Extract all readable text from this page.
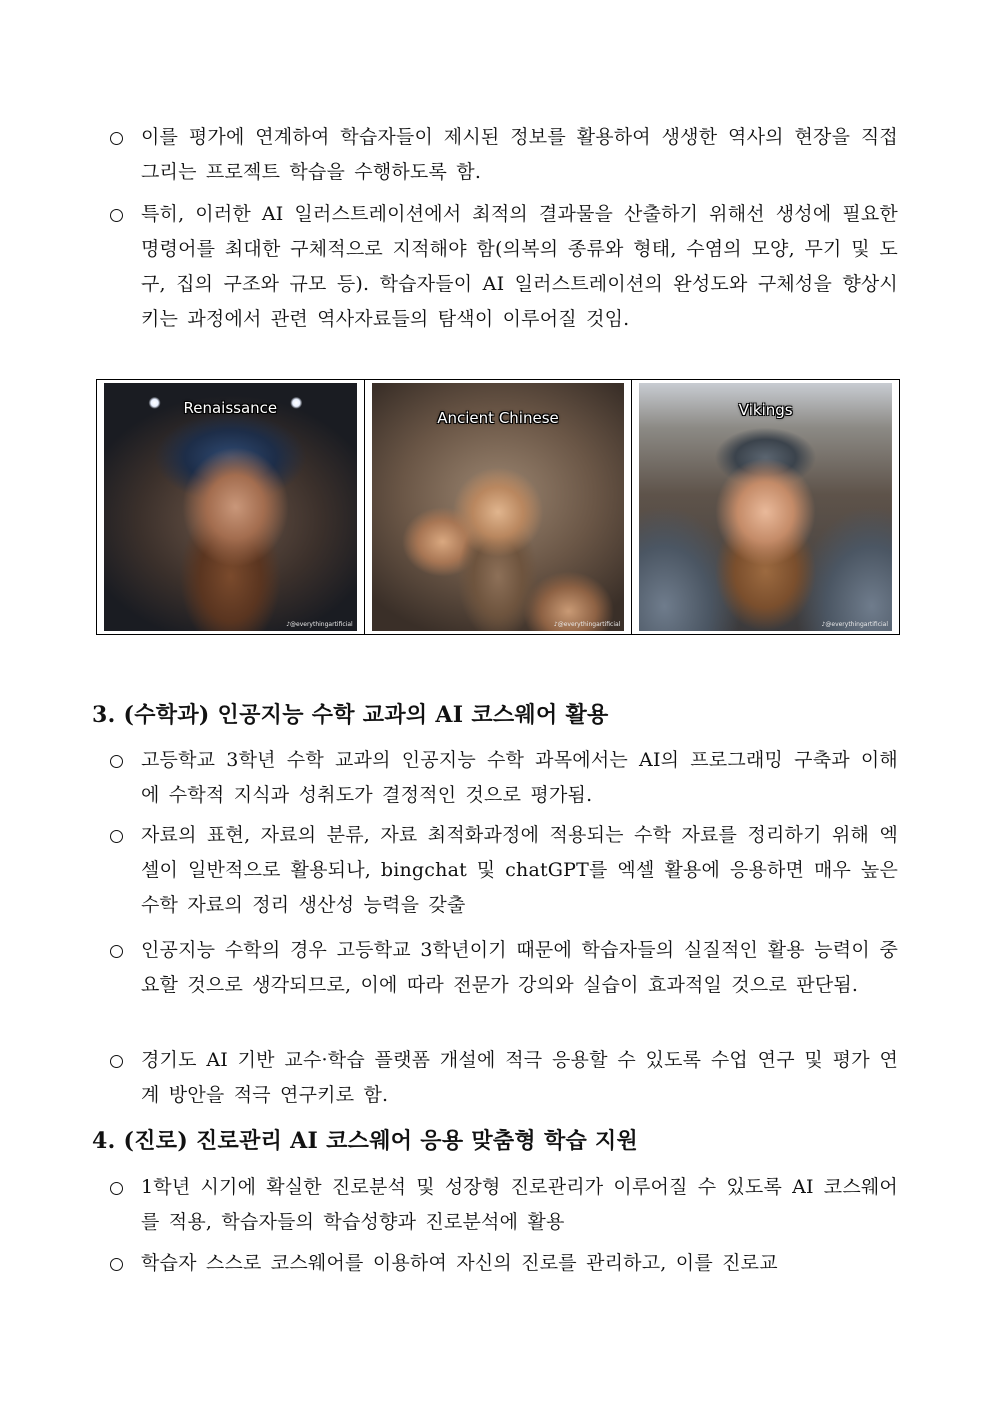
이를 평가에 연계하여 학습자들이 제시된 정보를 활용하여 생생한 역사의 현장을 직접 그리는 프로젝트 학습을 수행하도록 함.
특히, 이러한 AI 일러스트레이션에서 최적의 결과물을 산출하기 위해선 생성에 필요한 명령어를 최대한 구체적으로 지적해야 함(의복의 종류와 형태, 수염의 모양, 무기 및 도구, 집의 구조와 규모 등). 학습자들이 AI 일러스트레이션의 완성도와 구체성을 향상시키는 과정에서 관련 역사자료들의 탐색이 이루어질 것임.
Renaissance
♪@everythingartificial
Ancient Chinese
♪@everythingartificial
Vikings
♪@everythingartificial
3. (수학과) 인공지능 수학 교과의 AI 코스웨어 활용
고등학교 3학년 수학 교과의 인공지능 수학 과목에서는 AI의 프로그래밍 구축과 이해에 수학적 지식과 성취도가 결정적인 것으로 평가됨.
자료의 표현, 자료의 분류, 자료 최적화과정에 적용되는 수학 자료를 정리하기 위해 엑셀이 일반적으로 활용되나, bingchat 및 chatGPT를 엑셀 활용에 응용하면 매우 높은 수학 자료의 정리 생산성 능력을 갖출
인공지능 수학의 경우 고등학교 3학년이기 때문에 학습자들의 실질적인 활용 능력이 중요할 것으로 생각되므로, 이에 따라 전문가 강의와 실습이 효과적일 것으로 판단됨.
경기도 AI 기반 교수·학습 플랫폼 개설에 적극 응용할 수 있도록 수업 연구 및 평가 연계 방안을 적극 연구키로 함.
4. (진로) 진로관리 AI 코스웨어 응용 맞춤형 학습 지원
1학년 시기에 확실한 진로분석 및 성장형 진로관리가 이루어질 수 있도록 AI 코스웨어를 적용, 학습자들의 학습성향과 진로분석에 활용
학습자 스스로 코스웨어를 이용하여 자신의 진로를 관리하고, 이를 진로교
